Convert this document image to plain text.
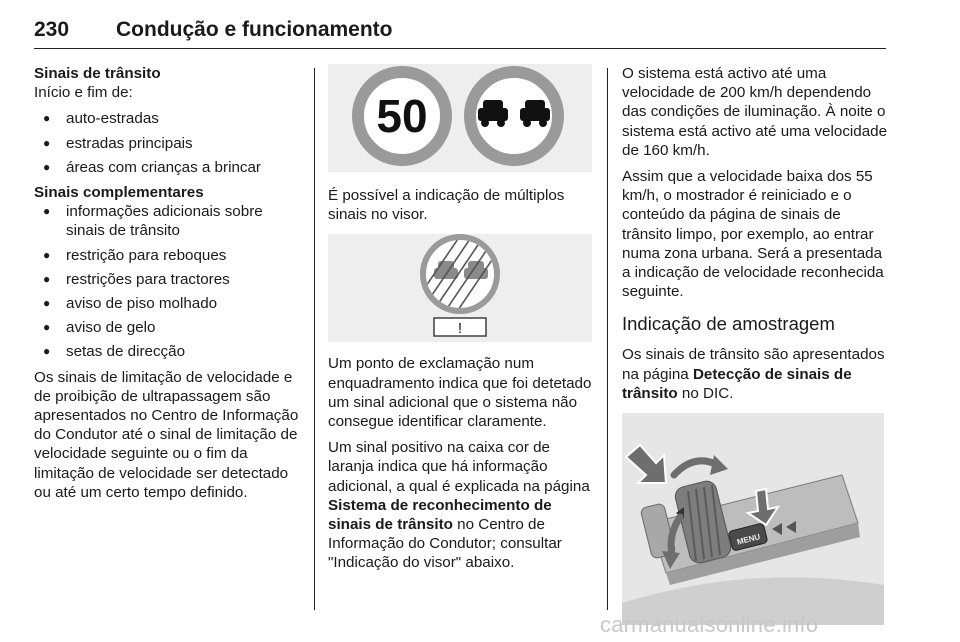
230 Condução e funcionamento
Sinais de trânsito

Início e fim de:

● auto-estradas
● estradas principais
● áreas com crianças a brincar
Sinais complementares
● informações adicionais sobre sinais de trânsito
● restrição para reboques
● restrições para tractores
● aviso de piso molhado
● aviso de gelo
● setas de direcção

Os sinais de limitação de velocidade e de proibição de ultrapassagem são apresentados no Centro de Informação do Condutor até o sinal de limitação de velocidade seguinte ou o fim da limitação de velocidade ser detectado ou até um certo tempo definido.

50

É possível a indicação de múltiplos sinais no visor.

!

Um ponto de exclamação num enquadramento indica que foi detetado um sinal adicional que o sistema não consegue identificar claramente.

Um sinal positivo na caixa cor de laranja indica que há informação adicional, a qual é explicada na página Sistema de reconhecimento de sinais de trânsito no Centro de Informação do Condutor; consultar "Indicação do visor" abaixo.

O sistema está activo até uma velocidade de 200 km/h dependendo das condições de iluminação. À noite o sistema está activo até uma velocidade de 160 km/h.

Assim que a velocidade baixa dos 55 km/h, o mostrador é reiniciado e o conteúdo da página de sinais de trânsito limpo, por exemplo, ao entrar numa zona urbana. Será a presentada a indicação de velocidade reconhecida seguinte.

Indicação de amostragem

Os sinais de trânsito são apresentados na página Detecção de sinais de trânsito no DIC.

MENU
carmanualsonline.info
